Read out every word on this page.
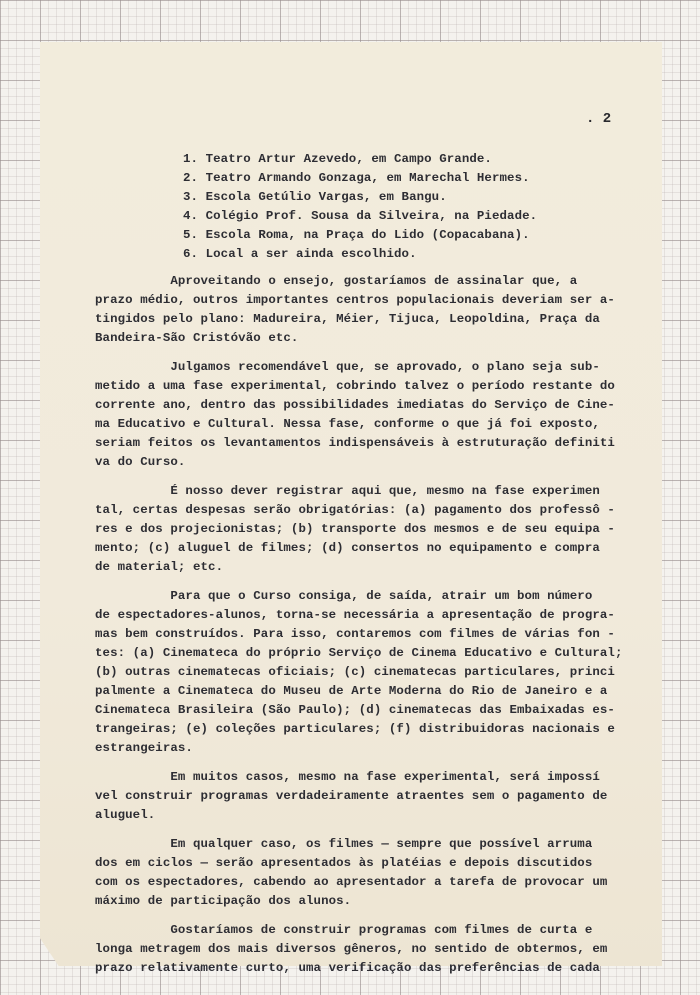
. 2
1. Teatro Artur Azevedo, em Campo Grande.
2. Teatro Armando Gonzaga, em Marechal Hermes.
3. Escola Getúlio Vargas, em Bangu.
4. Colégio Prof. Sousa da Silveira, na Piedade.
5. Escola Roma, na Praça do Lido (Copacabana).
6. Local a ser ainda escolhido.
Aproveitando o ensejo, gostaríamos de assinalar que, a
prazo médio, outros importantes centros populacionais deveriam ser a-
tingidos pelo plano: Madureira, Méier, Tijuca, Leopoldina, Praça da
Bandeira-São Cristóvão etc.
Julgamos recomendável que, se aprovado, o plano seja sub-
metido a uma fase experimental, cobrindo talvez o período restante do
corrente ano, dentro das possibilidades imediatas do Serviço de Cine-
ma Educativo e Cultural. Nessa fase, conforme o que já foi exposto,
seriam feitos os levantamentos indispensáveis à estruturação definiti
va do Curso.
É nosso dever registrar aqui que, mesmo na fase experimen
tal, certas despesas serão obrigatórias: (a) pagamento dos professô -
res e dos projecionistas; (b) transporte dos mesmos e de seu equipa -
mento; (c) aluguel de filmes; (d) consertos no equipamento e compra
de material; etc.
Para que o Curso consiga, de saída, atrair um bom número
de espectadores-alunos, torna-se necessária a apresentação de progra-
mas bem construídos. Para isso, contaremos com filmes de várias fon -
tes: (a) Cinemateca do próprio Serviço de Cinema Educativo e Cultural;
(b) outras cinematecas oficiais; (c) cinematecas particulares, princi
palmente a Cinemateca do Museu de Arte Moderna do Rio de Janeiro e a
Cinemateca Brasileira (São Paulo); (d) cinematecas das Embaixadas es-
trangeiras; (e) coleções particulares; (f) distribuidoras nacionais e
estrangeiras.
Em muitos casos, mesmo na fase experimental, será impossí
vel construir programas verdadeiramente atraentes sem o pagamento de
aluguel.
Em qualquer caso, os filmes — sempre que possível arruma
dos em ciclos — serão apresentados às platéias e depois discutidos
com os espectadores, cabendo ao apresentador a tarefa de provocar um
máximo de participação dos alunos.
Gostaríamos de construir programas com filmes de curta e
longa metragem dos mais diversos gêneros, no sentido de obtermos, em
prazo relativamente curto, uma verificação das preferências de cada
